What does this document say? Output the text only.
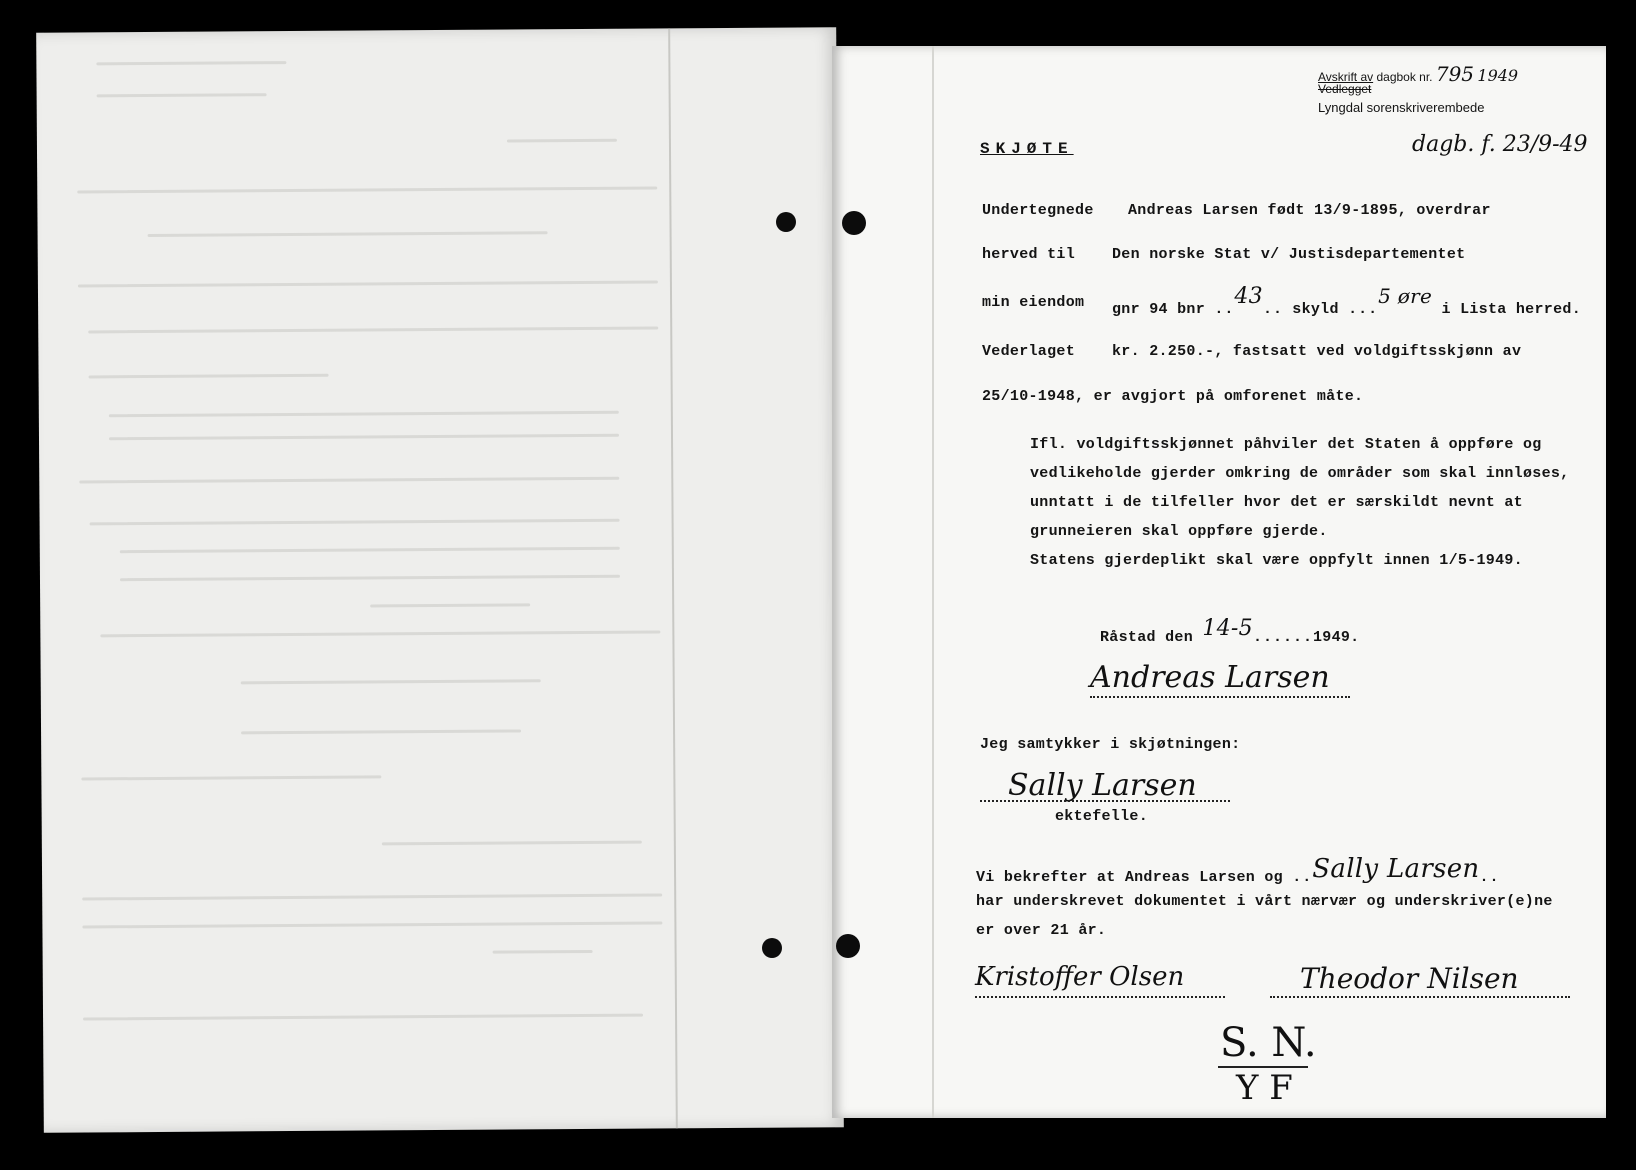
Avskrift av dagbok nr. 795 1949
Vedlegget
Lyngdal sorenskriverembede
dagb. f. 23/9-49
SKJØTE
Undertegnede Andreas Larsen født 13/9-1895, overdrar
herved til Den norske Stat v/ Justisdepartementet
min eiendom gnr 94 bnr ..43.. skyld ...5 øre i Lista herred.
Vederlaget kr. 2.250.-, fastsatt ved voldgiftsskjønn av
25/10-1948, er avgjort på omforenet måte.
Ifl. voldgiftsskjønnet påhviler det Staten å oppføre og
vedlikeholde gjerder omkring de områder som skal innløses,
unntatt i de tilfeller hvor det er særskildt nevnt at
grunneieren skal oppføre gjerde.
Statens gjerdeplikt skal være oppfylt innen 1/5-1949.
Råstad den 14-5......1949.
Andreas Larsen
Jeg samtykker i skjøtningen:
Sally Larsen
ektefelle.
Vi bekrefter at Andreas Larsen og ..Sally Larsen..
har underskrevet dokumentet i vårt nærvær og underskriver(e)ne
er over 21 år.
Kristoffer Olsen	Theodor Nilsen
S. N.
Y F
